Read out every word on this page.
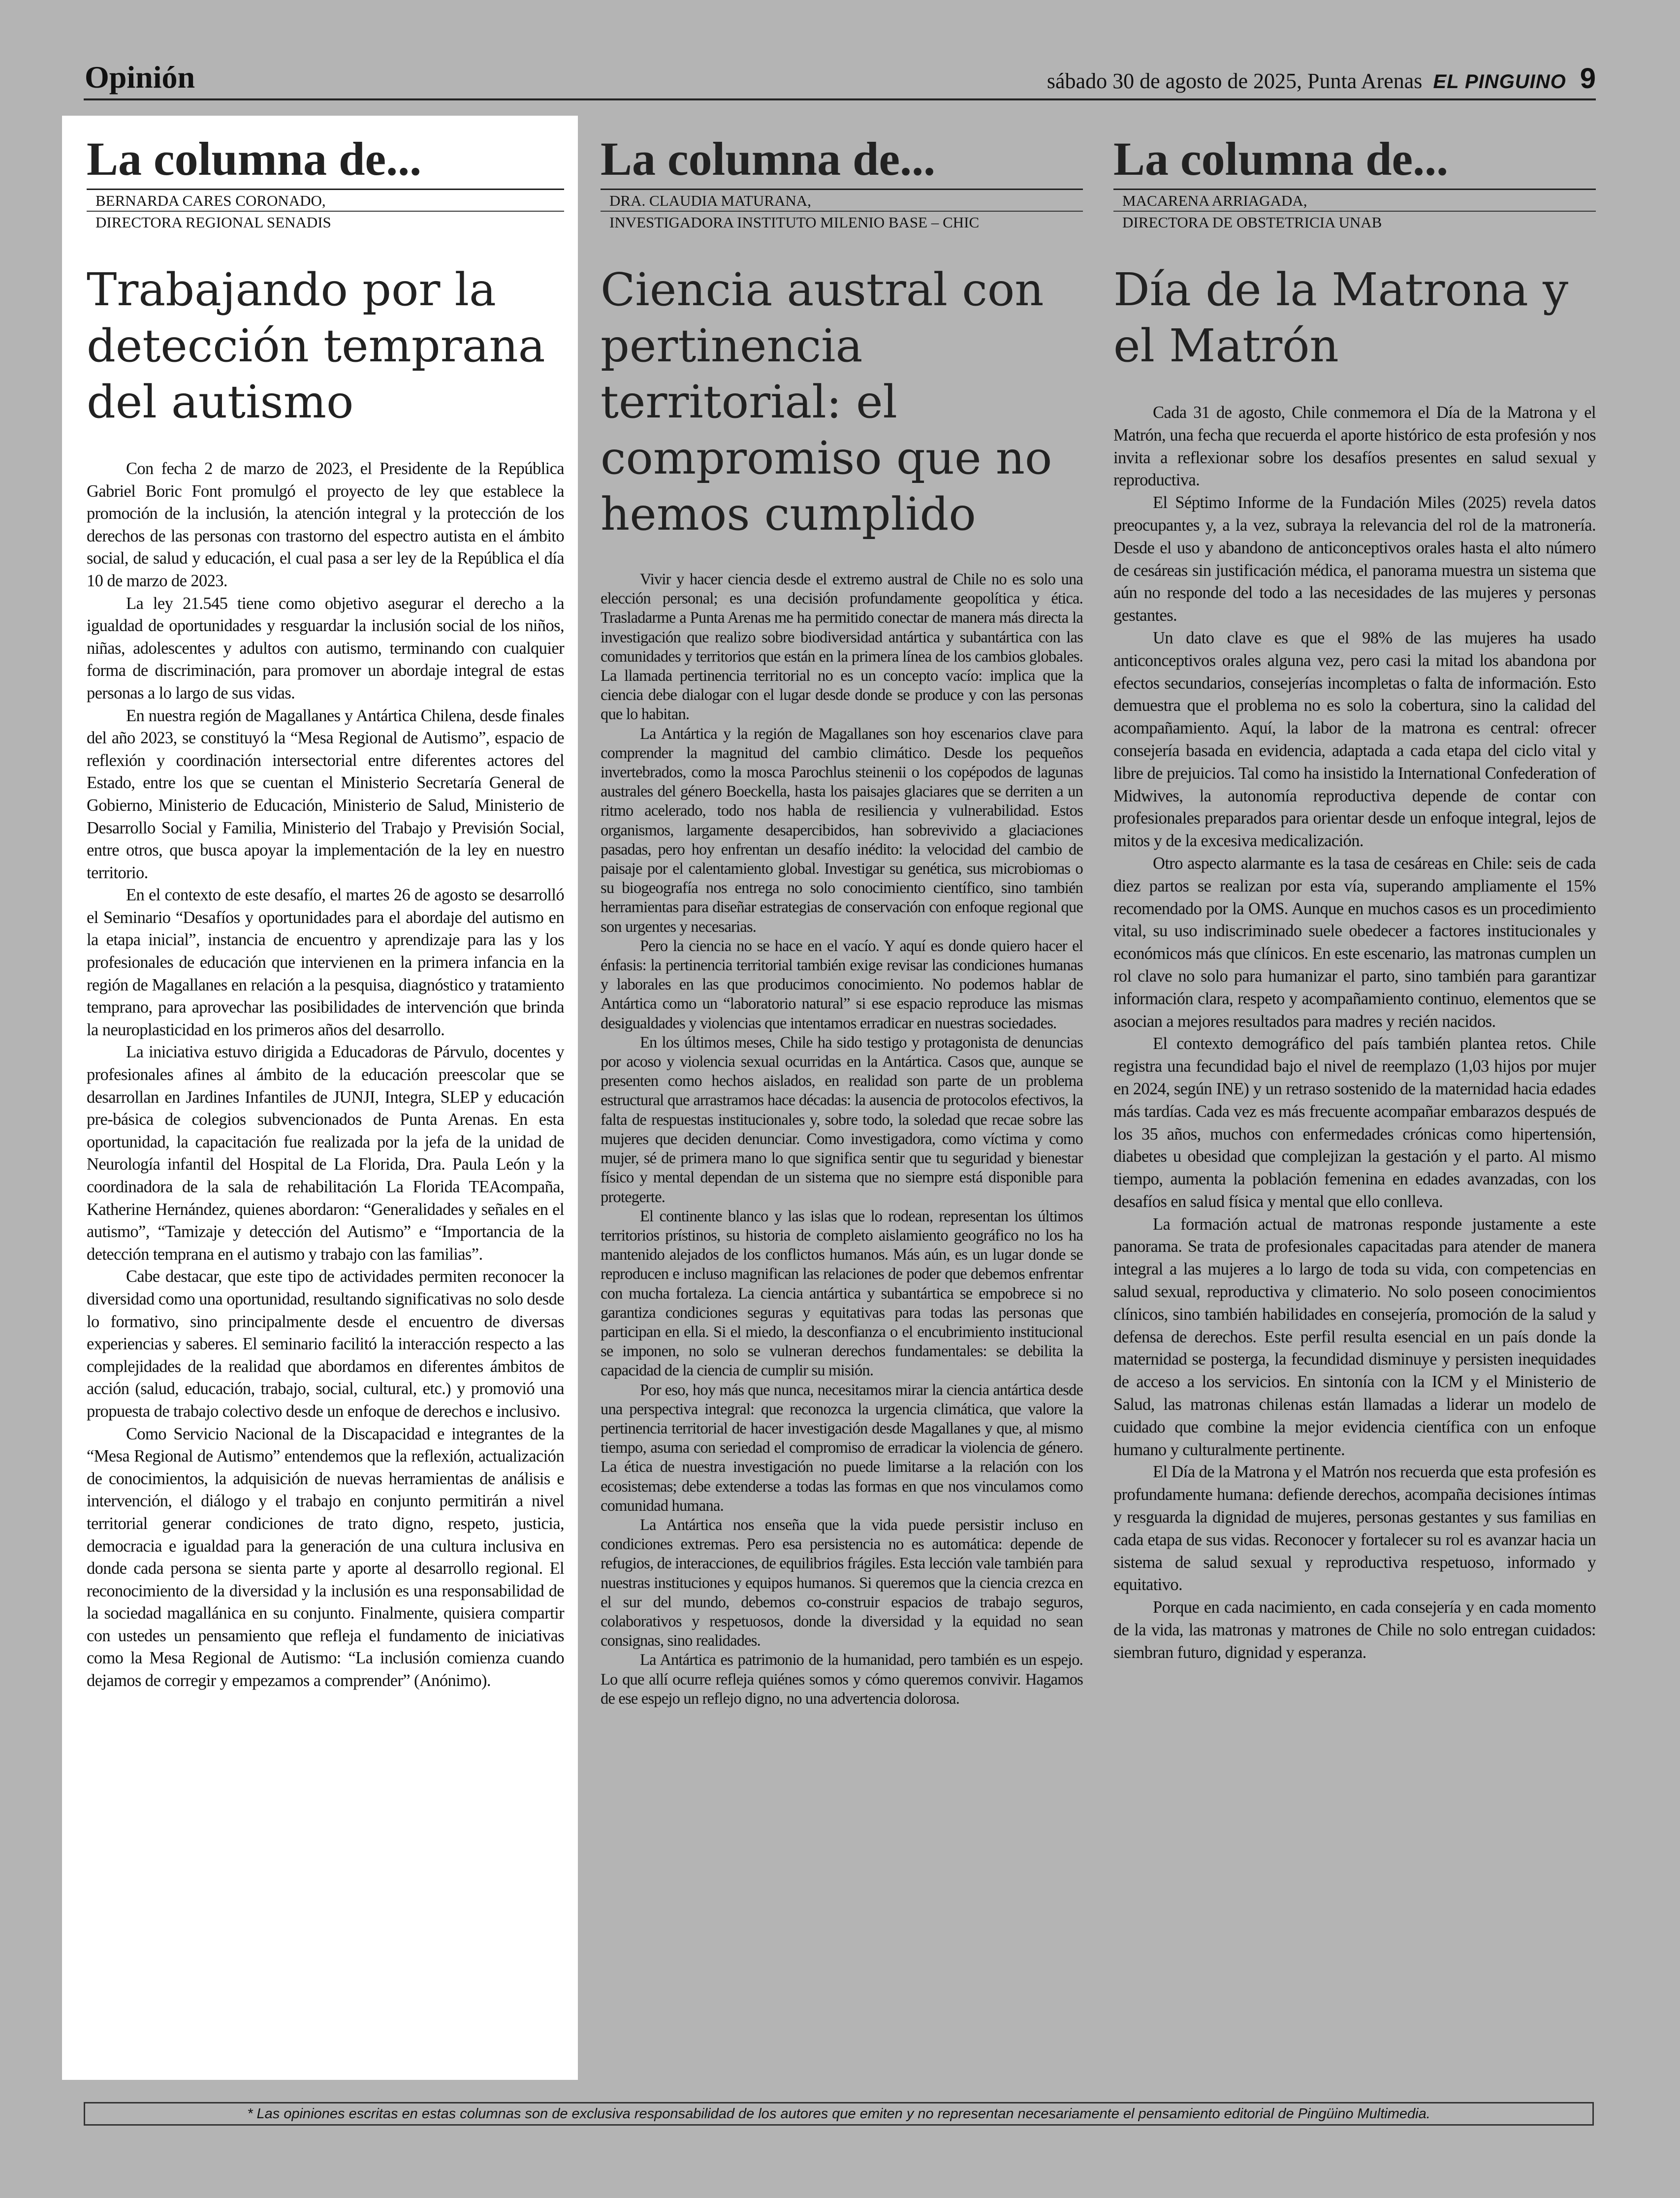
Opinión	sábado 30 de agosto de 2025, Punta Arenas EL PINGUINO 9
La columna de...
BERNARDA CARES CORONADO,
DIRECTORA REGIONAL SENADIS
Trabajando por la detección temprana del autismo

Con fecha 2 de marzo de 2023, el Presidente de la República Gabriel Boric Font promulgó el proyecto de ley que establece la promoción de la inclusión, la atención integral y la protección de los derechos de las personas con trastorno del espectro autista en el ámbito social, de salud y educación, el cual pasa a ser ley de la República el día 10 de marzo de 2023.

La ley 21.545 tiene como objetivo asegurar el derecho a la igualdad de oportunidades y resguardar la inclusión social de los niños, niñas, adolescentes y adultos con autismo, terminando con cualquier forma de discriminación, para promover un abordaje integral de estas personas a lo largo de sus vidas.

En nuestra región de Magallanes y Antártica Chilena, desde finales del año 2023, se constituyó la “Mesa Regional de Autismo”, espacio de reflexión y coordinación intersectorial entre diferentes actores del Estado, entre los que se cuentan el Ministerio Secretaría General de Gobierno, Ministerio de Educación, Ministerio de Salud, Ministerio de Desarrollo Social y Familia, Ministerio del Trabajo y Previsión Social, entre otros, que busca apoyar la implementación de la ley en nuestro territorio.

En el contexto de este desafío, el martes 26 de agosto se desarrolló el Seminario “Desafíos y oportunidades para el abordaje del autismo en la etapa inicial”, instancia de encuentro y aprendizaje para las y los profesionales de educación que intervienen en la primera infancia en la región de Magallanes en relación a la pesquisa, diagnóstico y tratamiento temprano, para aprovechar las posibilidades de intervención que brinda la neuroplasticidad en los primeros años del desarrollo.

La iniciativa estuvo dirigida a Educadoras de Párvulo, docentes y profesionales afines al ámbito de la educación preescolar que se desarrollan en Jardines Infantiles de JUNJI, Integra, SLEP y educación pre-básica de colegios subvencionados de Punta Arenas. En esta oportunidad, la capacitación fue realizada por la jefa de la unidad de Neurología infantil del Hospital de La Florida, Dra. Paula León y la coordinadora de la sala de rehabilitación La Florida TEAcompaña, Katherine Hernández, quienes abordaron: “Generalidades y señales en el autismo”, “Tamizaje y detección del Autismo” e “Importancia de la detección temprana en el autismo y trabajo con las familias”.

Cabe destacar, que este tipo de actividades permiten reconocer la diversidad como una oportunidad, resultando significativas no solo desde lo formativo, sino principalmente desde el encuentro de diversas experiencias y saberes. El seminario facilitó la interacción respecto a las complejidades de la realidad que abordamos en diferentes ámbitos de acción (salud, educación, trabajo, social, cultural, etc.) y promovió una propuesta de trabajo colectivo desde un enfoque de derechos e inclusivo.

Como Servicio Nacional de la Discapacidad e integrantes de la “Mesa Regional de Autismo” entendemos que la reflexión, actualización de conocimientos, la adquisición de nuevas herramientas de análisis e intervención, el diálogo y el trabajo en conjunto permitirán a nivel territorial generar condiciones de trato digno, respeto, justicia, democracia e igualdad para la generación de una cultura inclusiva en donde cada persona se sienta parte y aporte al desarrollo regional. El reconocimiento de la diversidad y la inclusión es una responsabilidad de la sociedad magallánica en su conjunto. Finalmente, quisiera compartir con ustedes un pensamiento que refleja el fundamento de iniciativas como la Mesa Regional de Autismo: “La inclusión comienza cuando dejamos de corregir y empezamos a comprender” (Anónimo).

La columna de...
DRA. CLAUDIA MATURANA,
INVESTIGADORA INSTITUTO MILENIO BASE – CHIC
Ciencia austral con pertinencia territorial: el compromiso que no hemos cumplido

Vivir y hacer ciencia desde el extremo austral de Chile no es solo una elección personal; es una decisión profundamente geopolítica y ética. Trasladarme a Punta Arenas me ha permitido conectar de manera más directa la investigación que realizo sobre biodiversidad antártica y subantártica con las comunidades y territorios que están en la primera línea de los cambios globales. La llamada pertinencia territorial no es un concepto vacío: implica que la ciencia debe dialogar con el lugar desde donde se produce y con las personas que lo habitan.

La Antártica y la región de Magallanes son hoy escenarios clave para comprender la magnitud del cambio climático. Desde los pequeños invertebrados, como la mosca Parochlus steinenii o los copépodos de lagunas australes del género Boeckella, hasta los paisajes glaciares que se derriten a un ritmo acelerado, todo nos habla de resiliencia y vulnerabilidad. Estos organismos, largamente desapercibidos, han sobrevivido a glaciaciones pasadas, pero hoy enfrentan un desafío inédito: la velocidad del cambio de paisaje por el calentamiento global. Investigar su genética, sus microbiomas o su biogeografía nos entrega no solo conocimiento científico, sino también herramientas para diseñar estrategias de conservación con enfoque regional que son urgentes y necesarias.

Pero la ciencia no se hace en el vacío. Y aquí es donde quiero hacer el énfasis: la pertinencia territorial también exige revisar las condiciones humanas y laborales en las que producimos conocimiento. No podemos hablar de Antártica como un “laboratorio natural” si ese espacio reproduce las mismas desigualdades y violencias que intentamos erradicar en nuestras sociedades.

En los últimos meses, Chile ha sido testigo y protagonista de denuncias por acoso y violencia sexual ocurridas en la Antártica. Casos que, aunque se presenten como hechos aislados, en realidad son parte de un problema estructural que arrastramos hace décadas: la ausencia de protocolos efectivos, la falta de respuestas institucionales y, sobre todo, la soledad que recae sobre las mujeres que deciden denunciar. Como investigadora, como víctima y como mujer, sé de primera mano lo que significa sentir que tu seguridad y bienestar físico y mental dependan de un sistema que no siempre está disponible para protegerte.

El continente blanco y las islas que lo rodean, representan los últimos territorios prístinos, su historia de completo aislamiento geográfico no los ha mantenido alejados de los conflictos humanos. Más aún, es un lugar donde se reproducen e incluso magnifican las relaciones de poder que debemos enfrentar con mucha fortaleza. La ciencia antártica y subantártica se empobrece si no garantiza condiciones seguras y equitativas para todas las personas que participan en ella. Si el miedo, la desconfianza o el encubrimiento institucional se imponen, no solo se vulneran derechos fundamentales: se debilita la capacidad de la ciencia de cumplir su misión.

Por eso, hoy más que nunca, necesitamos mirar la ciencia antártica desde una perspectiva integral: que reconozca la urgencia climática, que valore la pertinencia territorial de hacer investigación desde Magallanes y que, al mismo tiempo, asuma con seriedad el compromiso de erradicar la violencia de género. La ética de nuestra investigación no puede limitarse a la relación con los ecosistemas; debe extenderse a todas las formas en que nos vinculamos como comunidad humana.

La Antártica nos enseña que la vida puede persistir incluso en condiciones extremas. Pero esa persistencia no es automática: depende de refugios, de interacciones, de equilibrios frágiles. Esta lección vale también para nuestras instituciones y equipos humanos. Si queremos que la ciencia crezca en el sur del mundo, debemos co-construir espacios de trabajo seguros, colaborativos y respetuosos, donde la diversidad y la equidad no sean consignas, sino realidades.

La Antártica es patrimonio de la humanidad, pero también es un espejo. Lo que allí ocurre refleja quiénes somos y cómo queremos convivir. Hagamos de ese espejo un reflejo digno, no una advertencia dolorosa.

La columna de...
MACARENA ARRIAGADA,
DIRECTORA DE OBSTETRICIA UNAB
Día de la Matrona y el Matrón

Cada 31 de agosto, Chile conmemora el Día de la Matrona y el Matrón, una fecha que recuerda el aporte histórico de esta profesión y nos invita a reflexionar sobre los desafíos presentes en salud sexual y reproductiva.

El Séptimo Informe de la Fundación Miles (2025) revela datos preocupantes y, a la vez, subraya la relevancia del rol de la matronería. Desde el uso y abandono de anticonceptivos orales hasta el alto número de cesáreas sin justificación médica, el panorama muestra un sistema que aún no responde del todo a las necesidades de las mujeres y personas gestantes.

Un dato clave es que el 98% de las mujeres ha usado anticonceptivos orales alguna vez, pero casi la mitad los abandona por efectos secundarios, consejerías incompletas o falta de información. Esto demuestra que el problema no es solo la cobertura, sino la calidad del acompañamiento. Aquí, la labor de la matrona es central: ofrecer consejería basada en evidencia, adaptada a cada etapa del ciclo vital y libre de prejuicios. Tal como ha insistido la International Confederation of Midwives, la autonomía reproductiva depende de contar con profesionales preparados para orientar desde un enfoque integral, lejos de mitos y de la excesiva medicalización.

Otro aspecto alarmante es la tasa de cesáreas en Chile: seis de cada diez partos se realizan por esta vía, superando ampliamente el 15% recomendado por la OMS. Aunque en muchos casos es un procedimiento vital, su uso indiscriminado suele obedecer a factores institucionales y económicos más que clínicos. En este escenario, las matronas cumplen un rol clave no solo para humanizar el parto, sino también para garantizar información clara, respeto y acompañamiento continuo, elementos que se asocian a mejores resultados para madres y recién nacidos.

El contexto demográfico del país también plantea retos. Chile registra una fecundidad bajo el nivel de reemplazo (1,03 hijos por mujer en 2024, según INE) y un retraso sostenido de la maternidad hacia edades más tardías. Cada vez es más frecuente acompañar embarazos después de los 35 años, muchos con enfermedades crónicas como hipertensión, diabetes u obesidad que complejizan la gestación y el parto. Al mismo tiempo, aumenta la población femenina en edades avanzadas, con los desafíos en salud física y mental que ello conlleva.

La formación actual de matronas responde justamente a este panorama. Se trata de profesionales capacitadas para atender de manera integral a las mujeres a lo largo de toda su vida, con competencias en salud sexual, reproductiva y climaterio. No solo poseen conocimientos clínicos, sino también habilidades en consejería, promoción de la salud y defensa de derechos. Este perfil resulta esencial en un país donde la maternidad se posterga, la fecundidad disminuye y persisten inequidades de acceso a los servicios. En sintonía con la ICM y el Ministerio de Salud, las matronas chilenas están llamadas a liderar un modelo de cuidado que combine la mejor evidencia científica con un enfoque humano y culturalmente pertinente.

El Día de la Matrona y el Matrón nos recuerda que esta profesión es profundamente humana: defiende derechos, acompaña decisiones íntimas y resguarda la dignidad de mujeres, personas gestantes y sus familias en cada etapa de sus vidas. Reconocer y fortalecer su rol es avanzar hacia un sistema de salud sexual y reproductiva respetuoso, informado y equitativo.

Porque en cada nacimiento, en cada consejería y en cada momento de la vida, las matronas y matrones de Chile no solo entregan cuidados: siembran futuro, dignidad y esperanza.

* Las opiniones escritas en estas columnas son de exclusiva responsabilidad de los autores que emiten y no representan necesariamente el pensamiento editorial de Pingüino Multimedia.
